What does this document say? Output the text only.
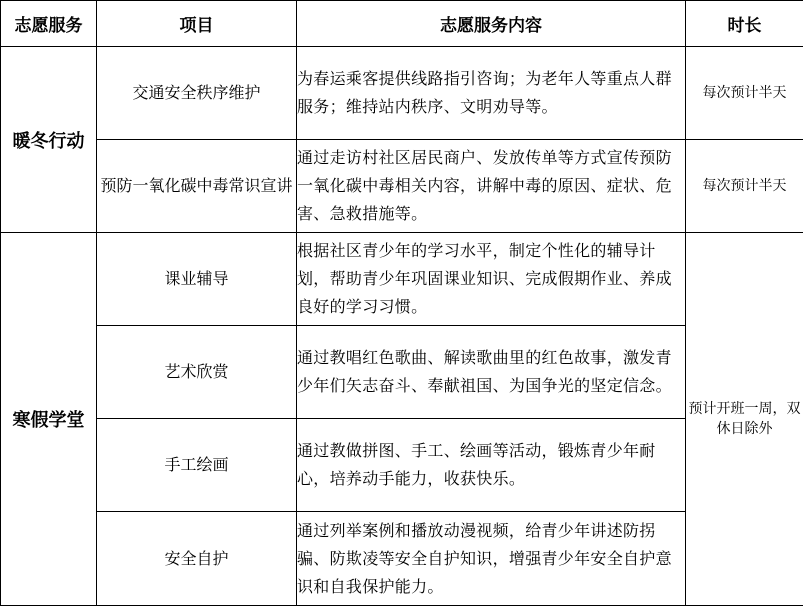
志愿服务	项目	志愿服务内容	时长
暖冬行动	交通安全秩序维护	为春运乘客提供线路指引咨询；为老年人等重点人群服务；维持站内秩序、文明劝导等。	每次预计半天
	预防一氧化碳中毒常识宣讲	通过走访村社区居民商户、发放传单等方式宣传预防一氧化碳中毒相关内容，讲解中毒的原因、症状、危害、急救措施等。	每次预计半天
寒假学堂	课业辅导	根据社区青少年的学习水平，制定个性化的辅导计划，帮助青少年巩固课业知识、完成假期作业、养成良好的学习习惯。	预计开班一周，双休日除外
	艺术欣赏	通过教唱红色歌曲、解读歌曲里的红色故事，激发青少年们矢志奋斗、奉献祖国、为国争光的坚定信念。	
	手工绘画	通过教做拼图、手工、绘画等活动，锻炼青少年耐心，培养动手能力，收获快乐。	
	安全自护	通过列举案例和播放动漫视频，给青少年讲述防拐骗、防欺凌等安全自护知识，增强青少年安全自护意识和自我保护能力。	
